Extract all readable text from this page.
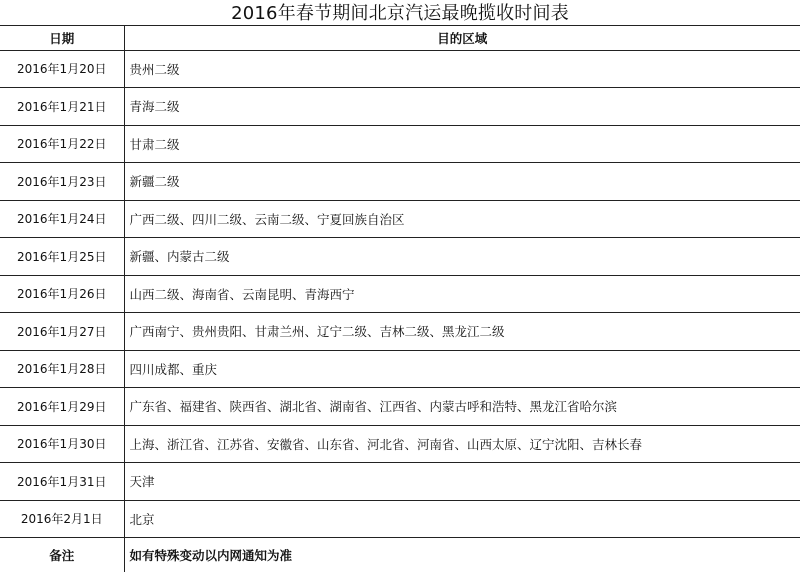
2016年春节期间北京汽运最晚揽收时间表
日期	目的区域
2016年1月20日	贵州二级
2016年1月21日	青海二级
2016年1月22日	甘肃二级
2016年1月23日	新疆二级
2016年1月24日	广西二级、四川二级、云南二级、宁夏回族自治区
2016年1月25日	新疆、内蒙古二级
2016年1月26日	山西二级、海南省、云南昆明、青海西宁
2016年1月27日	广西南宁、贵州贵阳、甘肃兰州、辽宁二级、吉林二级、黑龙江二级
2016年1月28日	四川成都、重庆
2016年1月29日	广东省、福建省、陕西省、湖北省、湖南省、江西省、内蒙古呼和浩特、黑龙江省哈尔滨
2016年1月30日	上海、浙江省、江苏省、安徽省、山东省、河北省、河南省、山西太原、辽宁沈阳、吉林长春
2016年1月31日	天津
2016年2月1日	北京
备注	如有特殊变动以内网通知为准
